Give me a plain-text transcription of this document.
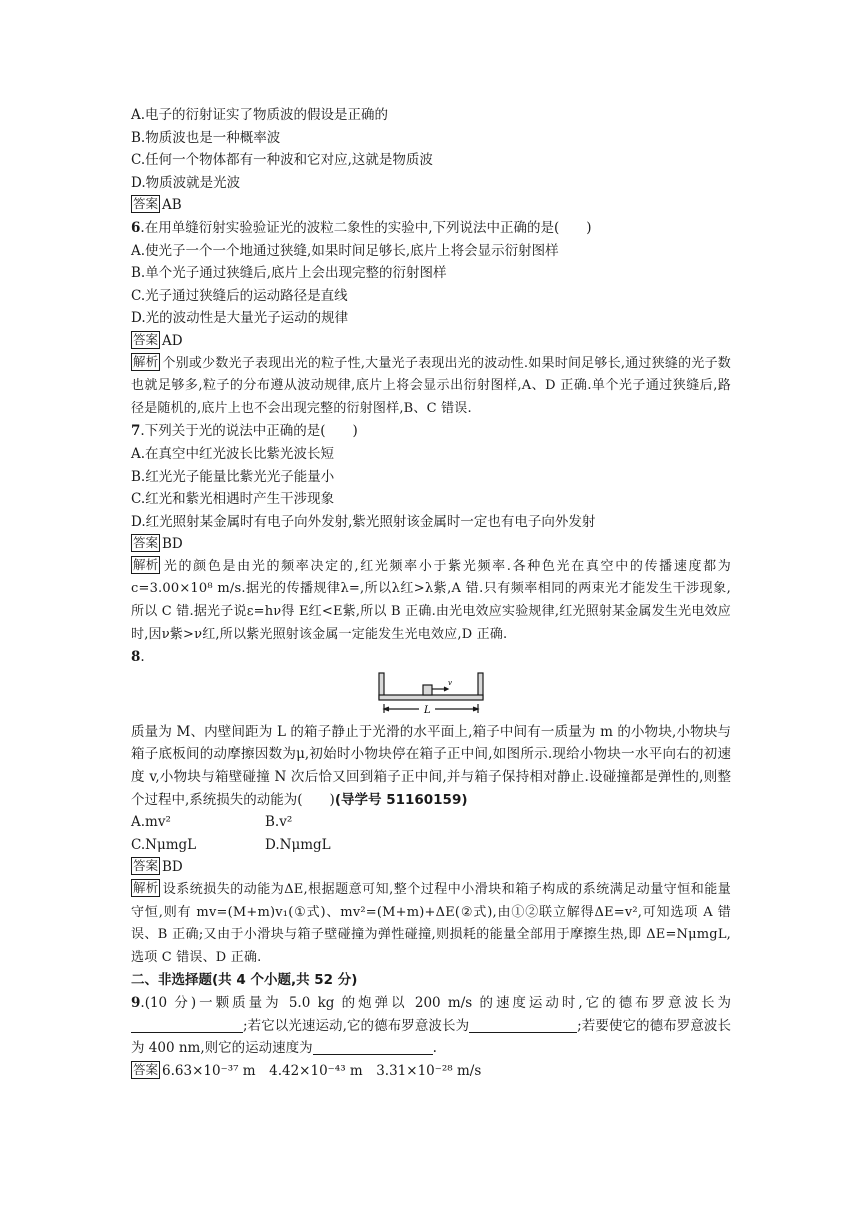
A.电子的衍射证实了物质波的假设是正确的
B.物质波也是一种概率波
C.任何一个物体都有一种波和它对应,这就是物质波
D.物质波就是光波
答案 AB
6.在用单缝衍射实验验证光的波粒二象性的实验中,下列说法中正确的是(　　)
A.使光子一个一个地通过狭缝,如果时间足够长,底片上将会显示衍射图样
B.单个光子通过狭缝后,底片上会出现完整的衍射图样
C.光子通过狭缝后的运动路径是直线
D.光的波动性是大量光子运动的规律
答案 AD
解析 个别或少数光子表现出光的粒子性,大量光子表现出光的波动性.如果时间足够长,通过狭缝的光子数也就足够多,粒子的分布遵从波动规律,底片上将会显示出衍射图样,A、D 正确.单个光子通过狭缝后,路径是随机的,底片上也不会出现完整的衍射图样,B、C 错误.
7.下列关于光的说法中正确的是(　　)
A.在真空中红光波长比紫光波长短
B.红光光子能量比紫光光子能量小
C.红光和紫光相遇时产生干涉现象
D.红光照射某金属时有电子向外发射,紫光照射该金属时一定也有电子向外发射
答案 BD
解析 光的颜色是由光的频率决定的,红光频率小于紫光频率.各种色光在真空中的传播速度都为 c=3.00×10⁸ m/s.据光的传播规律λ=,所以λ红>λ紫,A 错.只有频率相同的两束光才能发生干涉现象,所以 C 错.据光子说ε=hν得 E红<E紫,所以 B 正确.由光电效应实验规律,红光照射某金属发生光电效应时,因ν紫>ν红,所以紫光照射该金属一定能发生光电效应,D 正确.
8.
v
L
质量为 M、内壁间距为 L 的箱子静止于光滑的水平面上,箱子中间有一质量为 m 的小物块,小物块与箱子底板间的动摩擦因数为μ,初始时小物块停在箱子正中间,如图所示.现给小物块一水平向右的初速度 v,小物块与箱壁碰撞 N 次后恰又回到箱子正中间,并与箱子保持相对静止.设碰撞都是弹性的,则整个过程中,系统损失的动能为(　　)(导学号 51160159)
A.mv²	B.v²
C.NμmgL	D.NμmgL
答案 BD
解析 设系统损失的动能为ΔE,根据题意可知,整个过程中小滑块和箱子构成的系统满足动量守恒和能量守恒,则有 mv=(M+m)v₁(①式)、mv²=(M+m)+ΔE(②式),由①②联立解得ΔE=v²,可知选项 A 错误、B 正确;又由于小滑块与箱子壁碰撞为弹性碰撞,则损耗的能量全部用于摩擦生热,即 ΔE=NμmgL,选项 C 错误、D 正确.
二、非选择题(共 4 个小题,共 52 分)
9.(10 分)一颗质量为 5.0 kg 的炮弹以 200 m/s 的速度运动时,它的德布罗意波长为;若它以光速运动,它的德布罗意波长为	;若要使它的德布罗意波长为 400 nm,则它的运动速度为	.
答案 6.63×10⁻³⁷ m　4.42×10⁻⁴³ m　3.31×10⁻²⁸ m/s
